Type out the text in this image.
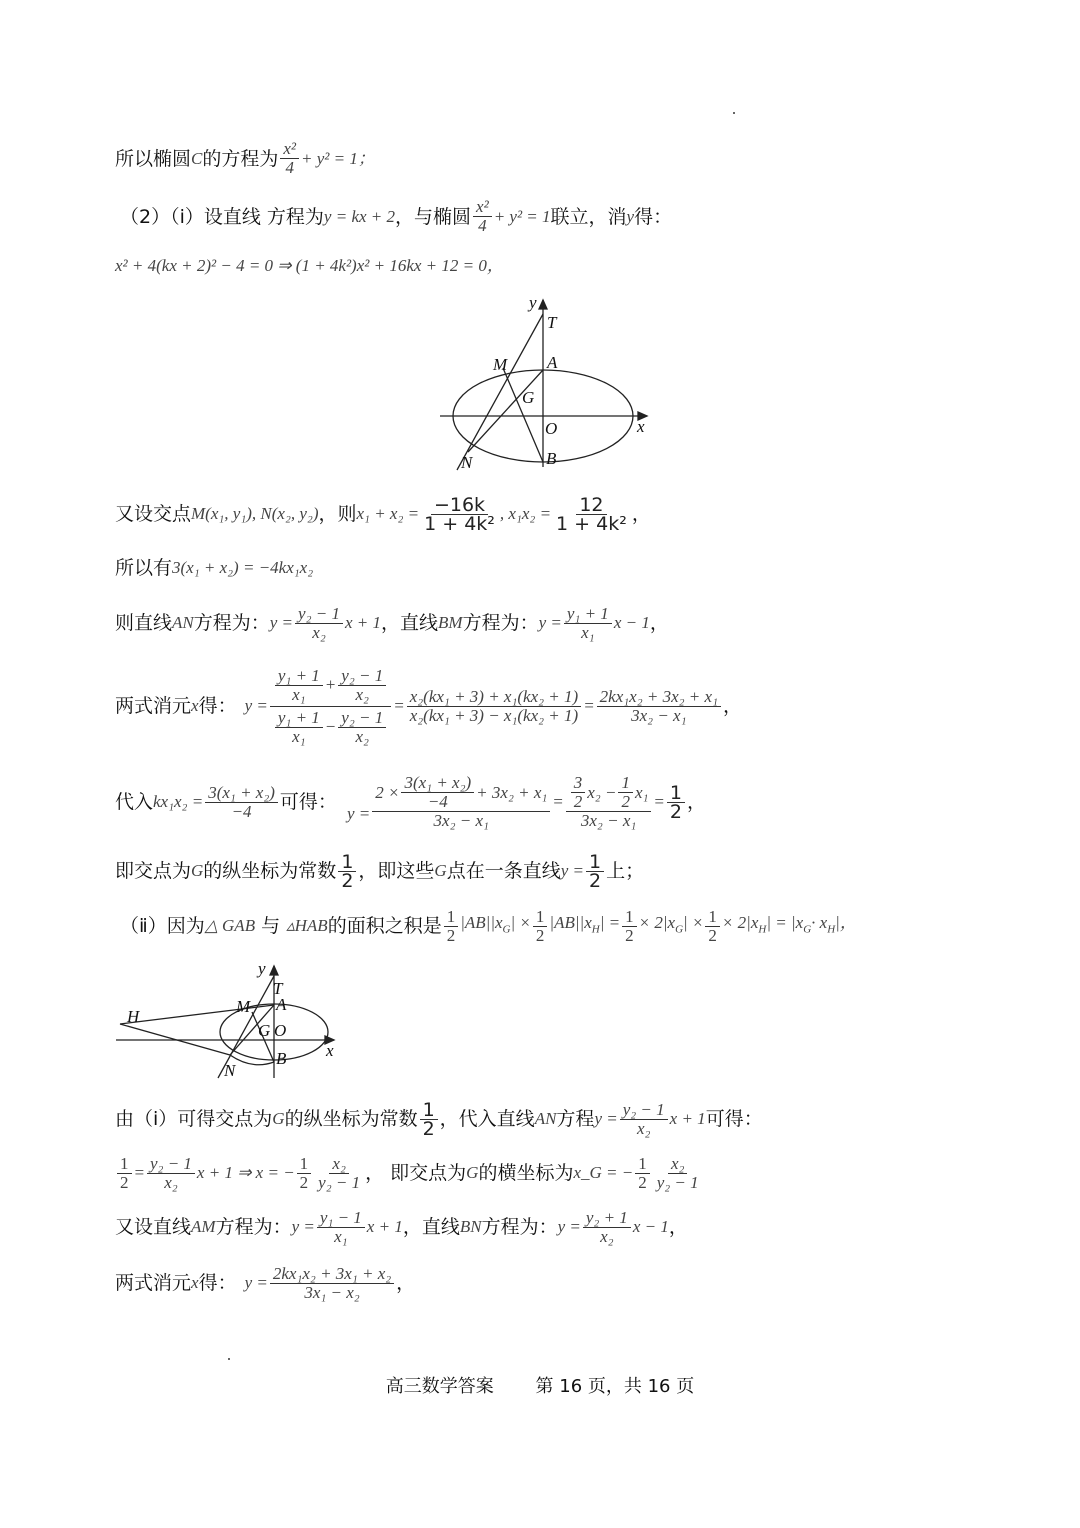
所以椭圆 C 的方程为 $\frac{\text{x²}}{4} + y^2 = 1$；
（2）（ⅰ）设直线 方程为 y = kx + 2 ，与椭圆 $\frac{\text{x²}}{4} + y^2 = 1$ 联立，消 y 得：
x² + 4(kx + 2)² − 4 = 0 ⇒ (1 + 4k²)x² + 16kx + 12 = 0，
y
T
M A
G
O	x
N	B
又设交点 M(x₁, y₁), N(x₂, y₂) ，则 $x_1 + x_2 = \frac{-16k}{\text{1 + 4k²}}$ , $x_1x_2 = \frac{12}{\text{1 + 4k²}}$ ，
所以有 3(x₁ + x₂) = −4kx₁x₂
则直线 AN 方程为： $y = \frac{\text{y₂ − 1}}{\text{x₂}}$ x + 1 ，直线 BM 方程为： $y = \frac{\text{y₁ + 1}}{\text{x₁}}$ x − 1 ，
两式消元 x 得： $y = \frac{\frac{\text{y₁ + 1}}{\text{x₁}} + \frac{\text{y₂ − 1}}{\text{x₂}}}{\frac{\text{y₁ + 1}}{\text{x₁}} - \frac{\text{y₂ − 1}}{\text{x₂}}} = \frac{\text{x₂(kx₁ + 3) + x₁(kx₂ + 1)}}{\text{x₂(kx₁ + 3) − x₁(kx₂ + 1)}} = \frac{\text{2kx₁x₂ + 3x₂ + x₁}}{\text{3x₂ − x₁}}$ ，
代入 $kx_1x_2 = \frac{\text{3(x₁ + x₂)}}{-4}$ 可得：
$y = \frac{2 \times \frac{\text{3(x₁ + x₂)}}{-4} + 3x_2 + x_1}{\text{3x₂ − x₁}} = \frac{\frac{3}{2} x_2 - \frac{1}{2} x_1}{\text{3x₂ − x₁}} = \frac{1}{2}$ ，
即交点为 G 的纵坐标为常数 $\frac{1}{2}$ ，即这些 G 点在一条直线 $y = \frac{1}{2}$ 上；
（ⅱ）因为 △ GAB 与 ▵HAB 的面积之积是 $\frac{1}{2} |AB||x_G| \times \frac{1}{2} |AB||x_H| = \frac{1}{2} \times 2|x_G| \times \frac{1}{2} \times 2|x_H| = |x_G\cdot x_H|$，
y
T
H
M A
G O
x
B
N
由（ⅰ）可得交点为 G 的纵坐标为常数 $\frac{1}{2}$ ，代入直线 AN 方程 $y = \frac{\text{y₂ − 1}}{\text{x₂}}$ x + 1 可得：
$\frac{1}{2} = \frac{\text{y₂ − 1}}{\text{x₂}}$ x + 1 ⇒ x = − $\frac{1}{2} \frac{\text{x₂}}{\text{y₂ − 1}}$ ， 即交点为 G 的横坐标为 x_G = − $\frac{1}{2} \frac{\text{x₂}}{\text{y₂ − 1}}$
又设直线 AM 方程为： $y = \frac{\text{y₁ − 1}}{\text{x₁}}$ x + 1 ，直线 BN 方程为： $y = \frac{\text{y₂ + 1}}{\text{x₂}}$ x − 1 ，
两式消元 x 得： $y = \frac{\text{2kx₁x₂ + 3x₁ + x₂}}{\text{3x₁ − x₂}}$ ，
高三数学答案 第 16 页，共 16 页
